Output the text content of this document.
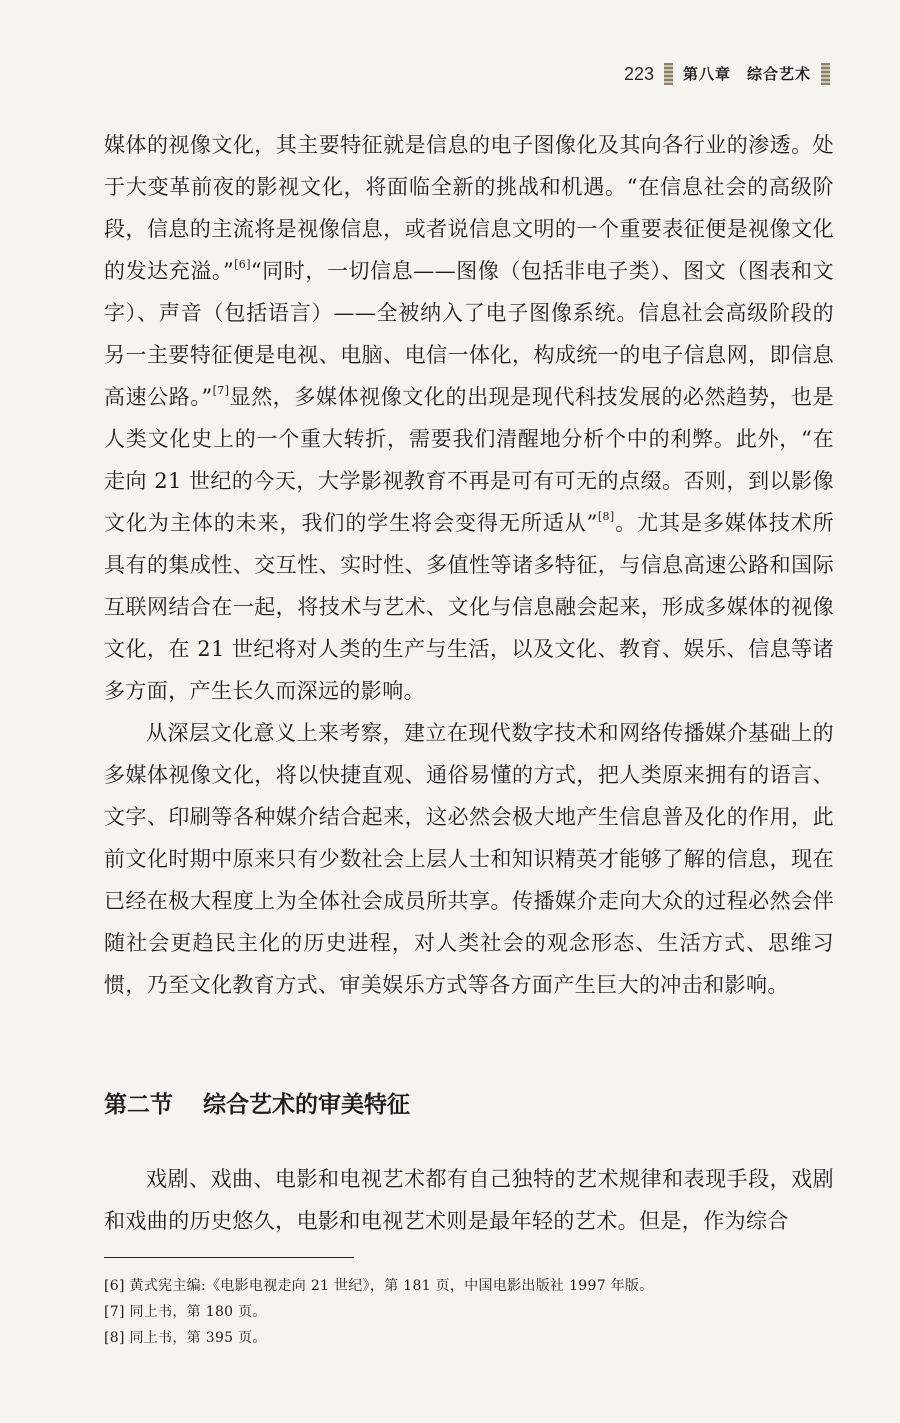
223 第八章　综合艺术

媒体的视像文化，其主要特征就是信息的电子图像化及其向各行业的渗透。处于大变革前夜的影视文化，将面临全新的挑战和机遇。“在信息社会的高级阶段，信息的主流将是视像信息，或者说信息文明的一个重要表征便是视像文化的发达充溢。”[6]“同时，一切信息——图像（包括非电子类）、图文（图表和文字）、声音（包括语言）——全被纳入了电子图像系统。信息社会高级阶段的另一主要特征便是电视、电脑、电信一体化，构成统一的电子信息网，即信息高速公路。”[7]显然，多媒体视像文化的出现是现代科技发展的必然趋势，也是人类文化史上的一个重大转折，需要我们清醒地分析个中的利弊。此外，“在走向 21 世纪的今天，大学影视教育不再是可有可无的点缀。否则，到以影像文化为主体的未来，我们的学生将会变得无所适从”[8]。尤其是多媒体技术所具有的集成性、交互性、实时性、多值性等诸多特征，与信息高速公路和国际互联网结合在一起，将技术与艺术、文化与信息融会起来，形成多媒体的视像文化，在 21 世纪将对人类的生产与生活，以及文化、教育、娱乐、信息等诸多方面，产生长久而深远的影响。

从深层文化意义上来考察，建立在现代数字技术和网络传播媒介基础上的多媒体视像文化，将以快捷直观、通俗易懂的方式，把人类原来拥有的语言、文字、印刷等各种媒介结合起来，这必然会极大地产生信息普及化的作用，此前文化时期中原来只有少数社会上层人士和知识精英才能够了解的信息，现在已经在极大程度上为全体社会成员所共享。传播媒介走向大众的过程必然会伴随社会更趋民主化的历史进程，对人类社会的观念形态、生活方式、思维习惯，乃至文化教育方式、审美娱乐方式等各方面产生巨大的冲击和影响。

第二节 综合艺术的审美特征

戏剧、戏曲、电影和电视艺术都有自己独特的艺术规律和表现手段，戏剧和戏曲的历史悠久，电影和电视艺术则是最年轻的艺术。但是，作为综合

[6] 黄式宪主编:《电影电视走向 21 世纪》，第 181 页，中国电影出版社 1997 年版。

[7] 同上书，第 180 页。

[8] 同上书，第 395 页。
